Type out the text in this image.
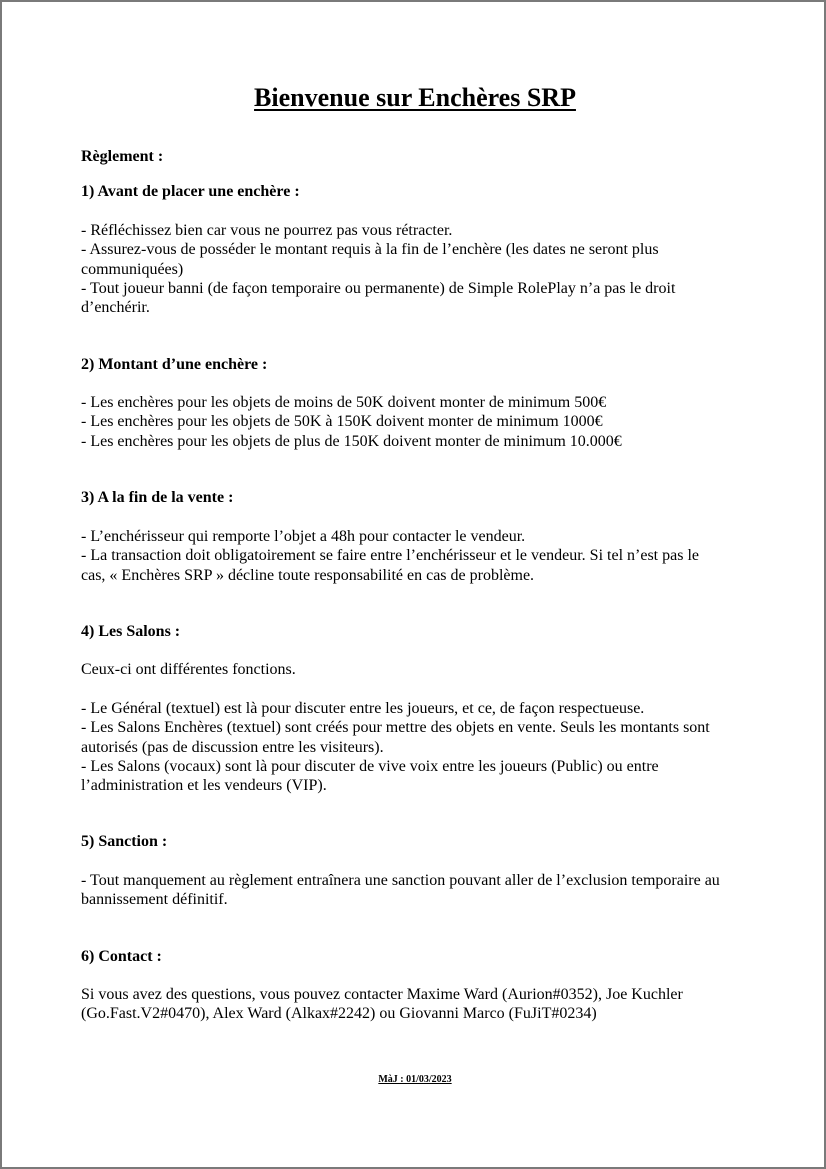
Bienvenue sur Enchères SRP
Règlement :
1) Avant de placer une enchère :
- Réfléchissez bien car vous ne pourrez pas vous rétracter.
- Assurez-vous de posséder le montant requis à la fin de l’enchère (les dates ne seront plus
communiquées)
- Tout joueur banni (de façon temporaire ou permanente) de Simple RolePlay n’a pas le droit
d’enchérir.
2) Montant d’une enchère :
- Les enchères pour les objets de moins de 50K doivent monter de minimum 500€
- Les enchères pour les objets de 50K à 150K doivent monter de minimum 1000€
- Les enchères pour les objets de plus de 150K doivent monter de minimum 10.000€
3) A la fin de la vente :
- L’enchérisseur qui remporte l’objet a 48h pour contacter le vendeur.
- La transaction doit obligatoirement se faire entre l’enchérisseur et le vendeur. Si tel n’est pas le
cas, « Enchères SRP » décline toute responsabilité en cas de problème.
4) Les Salons :
Ceux-ci ont différentes fonctions.
- Le Général (textuel) est là pour discuter entre les joueurs, et ce, de façon respectueuse.
- Les Salons Enchères (textuel) sont créés pour mettre des objets en vente. Seuls les montants sont
autorisés (pas de discussion entre les visiteurs).
- Les Salons (vocaux) sont là pour discuter de vive voix entre les joueurs (Public) ou entre
l’administration et les vendeurs (VIP).
5) Sanction :
- Tout manquement au règlement entraînera une sanction pouvant aller de l’exclusion temporaire au
bannissement définitif.
6) Contact :
Si vous avez des questions, vous pouvez contacter Maxime Ward (Aurion#0352), Joe Kuchler
(Go.Fast.V2#0470), Alex Ward (Alkax#2242) ou Giovanni Marco (FuJiT#0234)
MàJ : 01/03/2023
